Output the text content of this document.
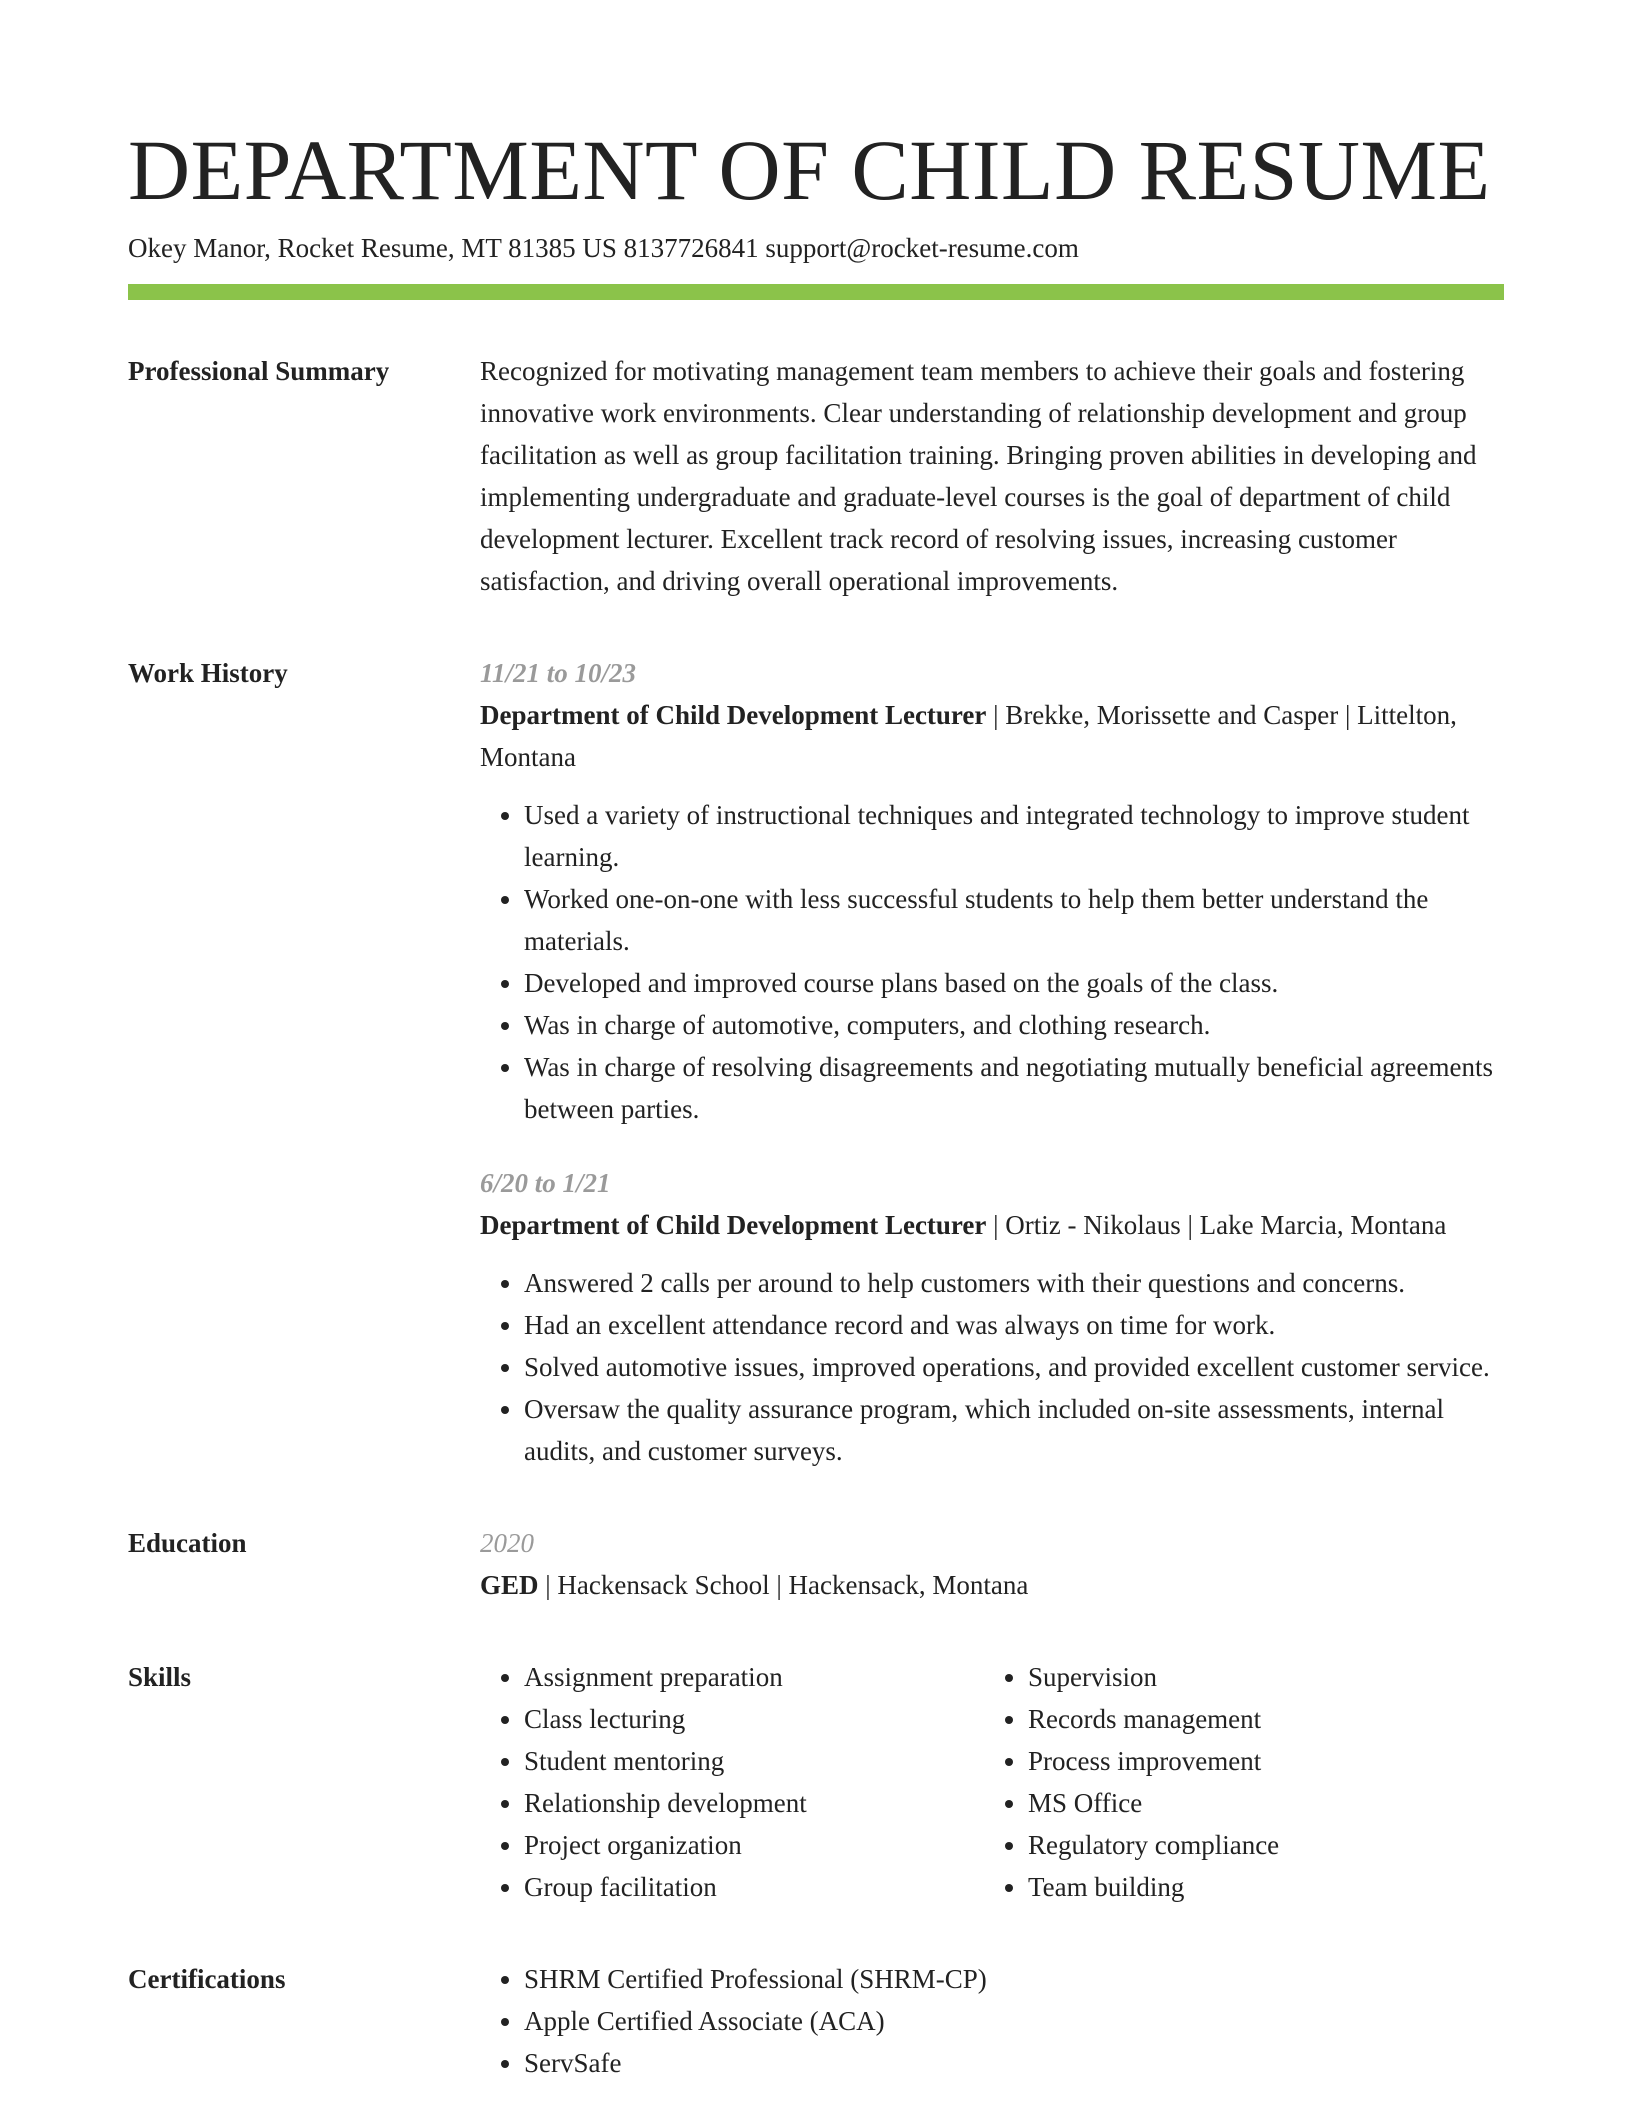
DEPARTMENT OF CHILD RESUME
Okey Manor, Rocket Resume, MT 81385 US 8137726841 support@rocket-resume.com
Professional Summary	Recognized for motivating management team members to achieve their goals and fostering innovative work environments. Clear understanding of relationship development and group facilitation as well as group facilitation training. Bringing proven abilities in developing and implementing undergraduate and graduate-level courses is the goal of department of child development lecturer. Excellent track record of resolving issues, increasing customer satisfaction, and driving overall operational improvements.

Work History	11/21 to 10/23

Department of Child Development Lecturer | Brekke, Morissette and Casper | Littelton, Montana

• Used a variety of instructional techniques and integrated technology to improve student learning.
• Worked one-on-one with less successful students to help them better understand the materials.
• Developed and improved course plans based on the goals of the class.
• Was in charge of automotive, computers, and clothing research.
• Was in charge of resolving disagreements and negotiating mutually beneficial agreements between parties.
6/20 to 1/21

Department of Child Development Lecturer | Ortiz - Nikolaus | Lake Marcia, Montana

• Answered 2 calls per around to help customers with their questions and concerns.
• Had an excellent attendance record and was always on time for work.
• Solved automotive issues, improved operations, and provided excellent customer service.
• Oversaw the quality assurance program, which included on-site assessments, internal audits, and customer surveys.
Education	2020

GED | Hackensack School | Hackensack, Montana

Skills	• Assignment preparation
• Class lecturing
• Student mentoring
• Relationship development
• Project organization
• Group facilitation
• Supervision
• Records management
• Process improvement
• MS Office
• Regulatory compliance
• Team building
Certifications	• SHRM Certified Professional (SHRM-CP)
• Apple Certified Associate (ACA)
• ServSafe
